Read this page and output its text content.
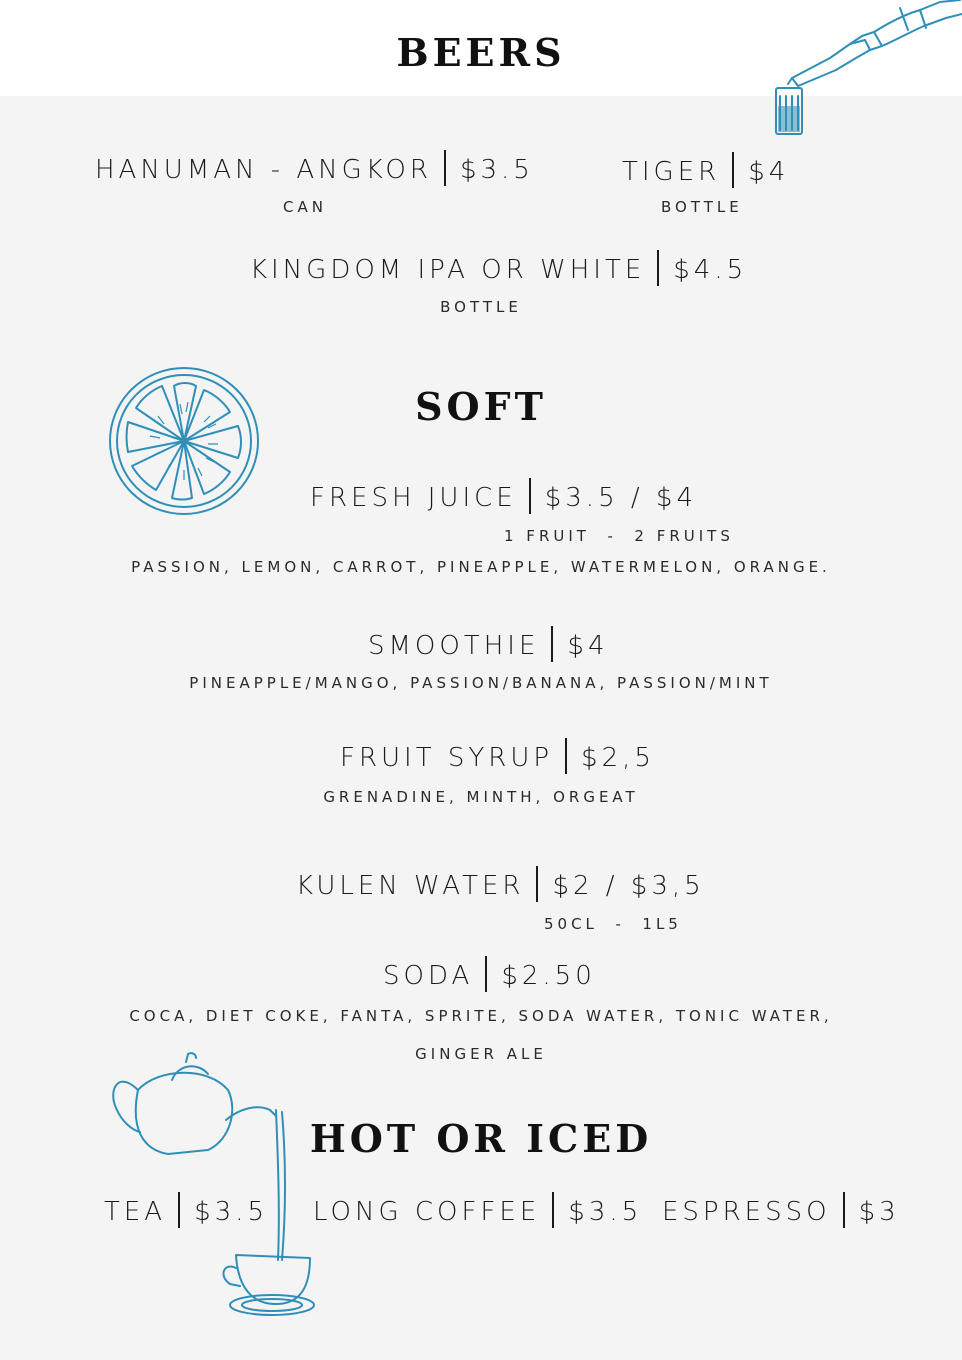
BEERS
HANUMAN - ANGKOR $3.5
CAN
TIGER $4
BOTTLE
KINGDOM IPA OR WHITE $4.5
BOTTLE
SOFT
FRESH JUICE $3.5 / $4
1 FRUIT  -  2 FRUITS
PASSION, LEMON, CARROT, PINEAPPLE, WATERMELON, ORANGE.
SMOOTHIE $4
PINEAPPLE/MANGO, PASSION/BANANA, PASSION/MINT
FRUIT SYRUP $2,5
GRENADINE, MINTH, ORGEAT
KULEN WATER $2 / $3,5
50CL  -  1L5
SODA $2.50
COCA, DIET COKE, FANTA, SPRITE, SODA WATER, TONIC WATER,
GINGER ALE
HOT OR ICED
TEA $3.5 LONG COFFEE $3.5 ESPRESSO $3
